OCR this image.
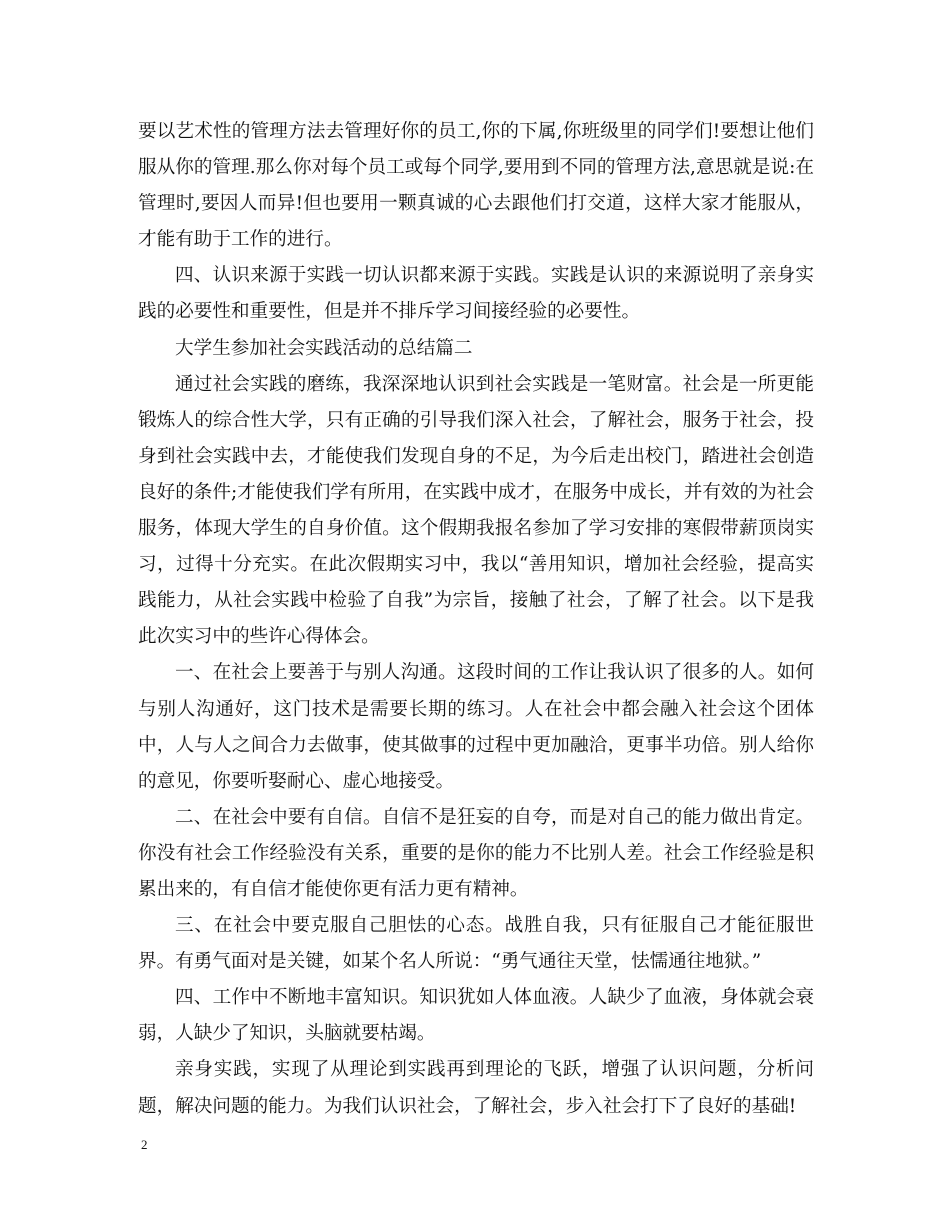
要以艺术性的管理方法去管理好你的员工,你的下属,你班级里的同学们!要想让他们服从你的管理.那么你对每个员工或每个同学,要用到不同的管理方法,意思就是说:在管理时,要因人而异!但也要用一颗真诚的心去跟他们打交道，这样大家才能服从，才能有助于工作的进行。

四、认识来源于实践一切认识都来源于实践。实践是认识的来源说明了亲身实践的必要性和重要性，但是并不排斥学习间接经验的必要性。

大学生参加社会实践活动的总结篇二

通过社会实践的磨练，我深深地认识到社会实践是一笔财富。社会是一所更能锻炼人的综合性大学，只有正确的引导我们深入社会，了解社会，服务于社会，投身到社会实践中去，才能使我们发现自身的不足，为今后走出校门，踏进社会创造良好的条件;才能使我们学有所用，在实践中成才，在服务中成长，并有效的为社会服务，体现大学生的自身价值。这个假期我报名参加了学习安排的寒假带薪顶岗实习，过得十分充实。在此次假期实习中，我以“善用知识，增加社会经验，提高实践能力，从社会实践中检验了自我”为宗旨，接触了社会，了解了社会。以下是我此次实习中的些许心得体会。

一、在社会上要善于与别人沟通。这段时间的工作让我认识了很多的人。如何与别人沟通好，这门技术是需要长期的练习。人在社会中都会融入社会这个团体中，人与人之间合力去做事，使其做事的过程中更加融洽，更事半功倍。别人给你的意见，你要听娶耐心、虚心地接受。

二、在社会中要有自信。自信不是狂妄的自夸，而是对自己的能力做出肯定。你没有社会工作经验没有关系，重要的是你的能力不比别人差。社会工作经验是积累出来的，有自信才能使你更有活力更有精神。

三、在社会中要克服自己胆怯的心态。战胜自我，只有征服自己才能征服世界。有勇气面对是关键，如某个名人所说：“勇气通往天堂，怯懦通往地狱。”

四、工作中不断地丰富知识。知识犹如人体血液。人缺少了血液，身体就会衰弱，人缺少了知识，头脑就要枯竭。

亲身实践，实现了从理论到实践再到理论的飞跃，增强了认识问题，分析问题，解决问题的能力。为我们认识社会，了解社会，步入社会打下了良好的基础!

2
